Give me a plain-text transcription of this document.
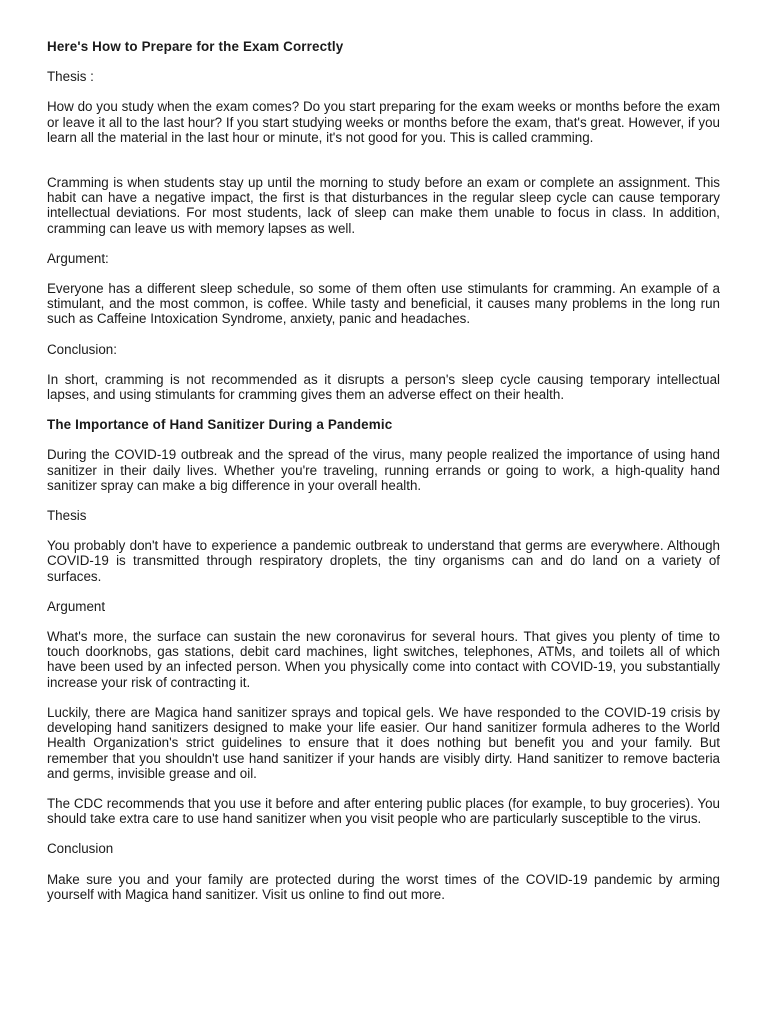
Here's How to Prepare for the Exam Correctly

Thesis :

How do you study when the exam comes? Do you start preparing for the exam weeks or months before the exam or leave it all to the last hour? If you start studying weeks or months before the exam, that's great. However, if you learn all the material in the last hour or minute, it's not good for you. This is called cramming.

Cramming is when students stay up until the morning to study before an exam or complete an assignment. This habit can have a negative impact, the first is that disturbances in the regular sleep cycle can cause temporary intellectual deviations. For most students, lack of sleep can make them unable to focus in class. In addition, cramming can leave us with memory lapses as well.

Argument:

Everyone has a different sleep schedule, so some of them often use stimulants for cramming. An example of a stimulant, and the most common, is coffee. While tasty and beneficial, it causes many problems in the long run such as Caffeine Intoxication Syndrome, anxiety, panic and headaches.

Conclusion:

In short, cramming is not recommended as it disrupts a person's sleep cycle causing temporary intellectual lapses, and using stimulants for cramming gives them an adverse effect on their health.

The Importance of Hand Sanitizer During a Pandemic

During the COVID-19 outbreak and the spread of the virus, many people realized the importance of using hand sanitizer in their daily lives. Whether you're traveling, running errands or going to work, a high-quality hand sanitizer spray can make a big difference in your overall health.

Thesis

You probably don't have to experience a pandemic outbreak to understand that germs are everywhere. Although COVID-19 is transmitted through respiratory droplets, the tiny organisms can and do land on a variety of surfaces.

Argument

What's more, the surface can sustain the new coronavirus for several hours. That gives you plenty of time to touch doorknobs, gas stations, debit card machines, light switches, telephones, ATMs, and toilets all of which have been used by an infected person. When you physically come into contact with COVID-19, you substantially increase your risk of contracting it.

Luckily, there are Magica hand sanitizer sprays and topical gels. We have responded to the COVID-19 crisis by developing hand sanitizers designed to make your life easier. Our hand sanitizer formula adheres to the World Health Organization's strict guidelines to ensure that it does nothing but benefit you and your family. But remember that you shouldn't use hand sanitizer if your hands are visibly dirty. Hand sanitizer to remove bacteria and germs, invisible grease and oil.

The CDC recommends that you use it before and after entering public places (for example, to buy groceries). You should take extra care to use hand sanitizer when you visit people who are particularly susceptible to the virus.

Conclusion

Make sure you and your family are protected during the worst times of the COVID-19 pandemic by arming yourself with Magica hand sanitizer. Visit us online to find out more.
